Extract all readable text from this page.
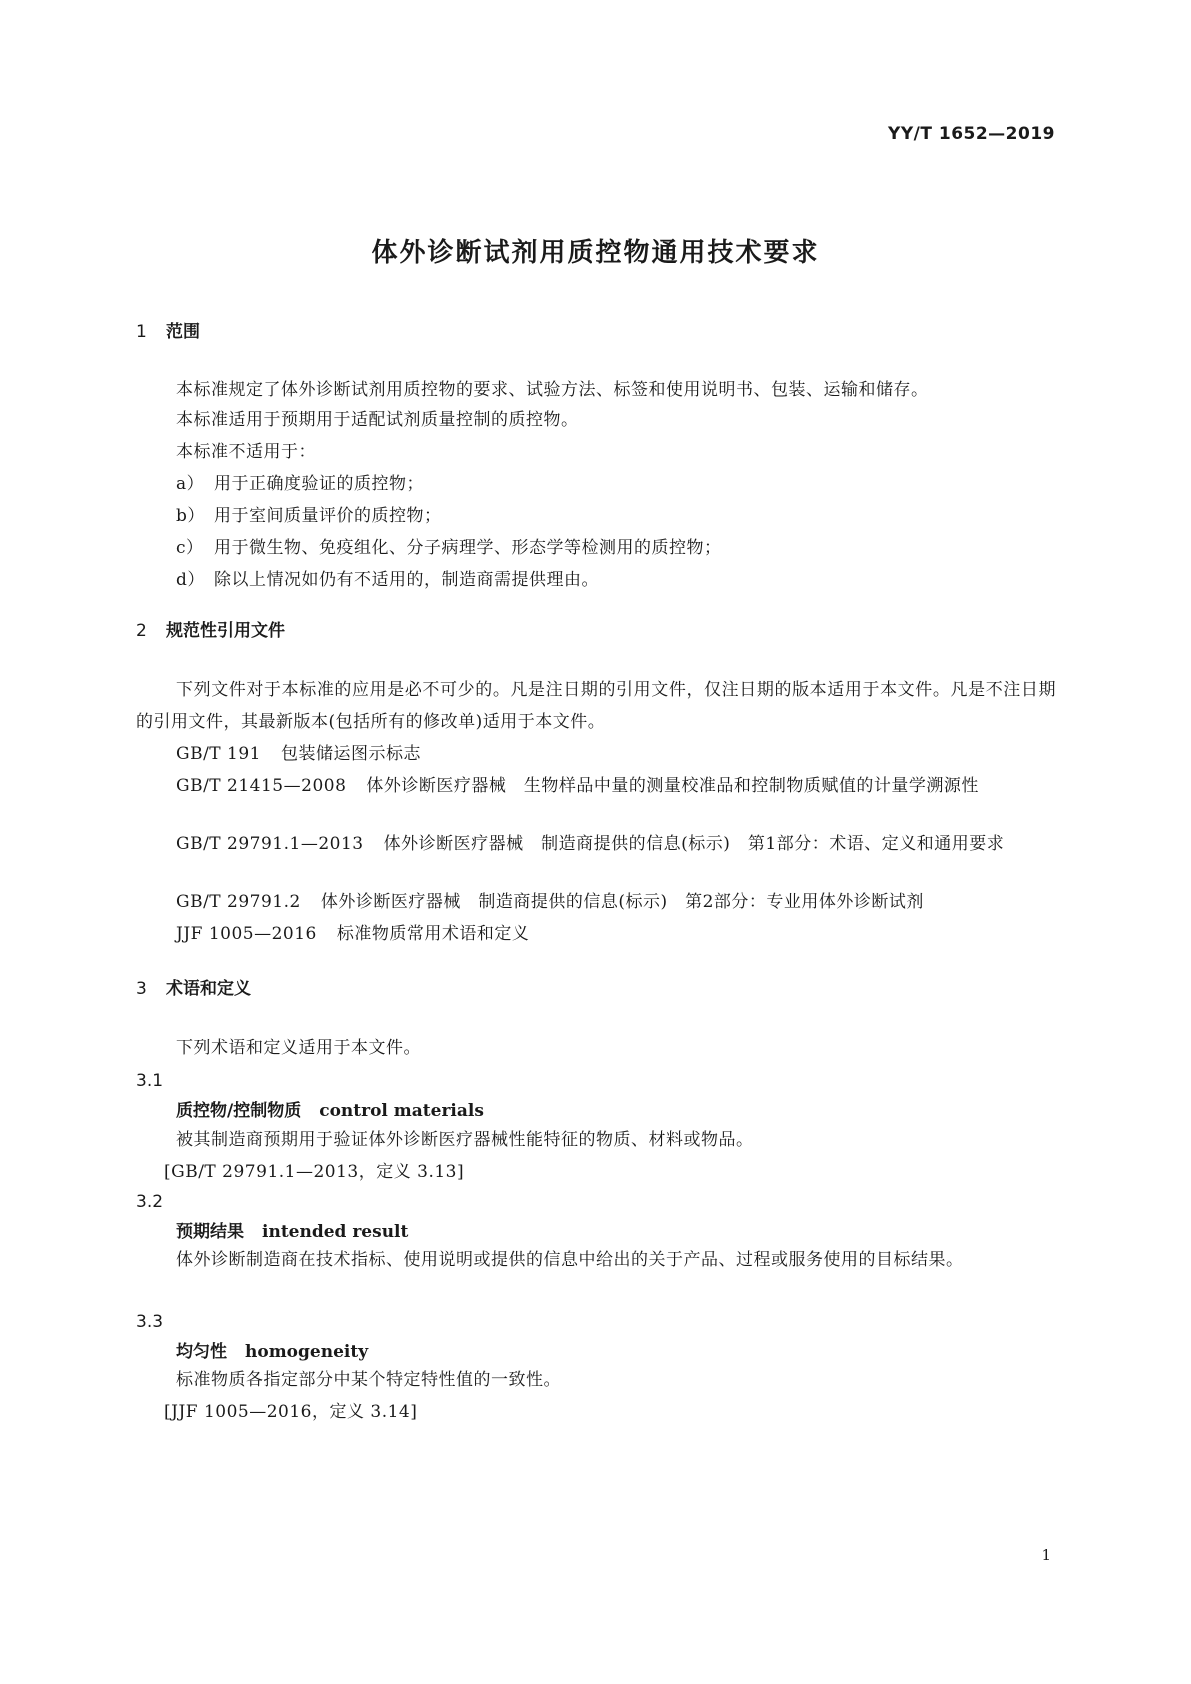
YY/T 1652—2019
体外诊断试剂用质控物通用技术要求
1 范围

本标准规定了体外诊断试剂用质控物的要求、试验方法、标签和使用说明书、包装、运输和储存。

本标准适用于预期用于适配试剂质量控制的质控物。

本标准不适用于：

a） 用于正确度验证的质控物；
b） 用于室间质量评价的质控物；
c） 用于微生物、免疫组化、分子病理学、形态学等检测用的质控物；
d） 除以上情况如仍有不适用的，制造商需提供理由。
2 规范性引用文件

下列文件对于本标准的应用是必不可少的。凡是注日期的引用文件，仅注日期的版本适用于本文件。凡是不注日期的引用文件，其最新版本(包括所有的修改单)适用于本文件。

GB/T 191 包装储运图示标志

GB/T 21415—2008 体外诊断医疗器械　生物样品中量的测量校准品和控制物质赋值的计量学溯源性

GB/T 29791.1—2013 体外诊断医疗器械　制造商提供的信息(标示)　第1部分：术语、定义和通用要求

GB/T 29791.2 体外诊断医疗器械　制造商提供的信息(标示)　第2部分：专业用体外诊断试剂

JJF 1005—2016 标准物质常用术语和定义

3 术语和定义

下列术语和定义适用于本文件。

3.1
质控物/控制物质 control materials

被其制造商预期用于验证体外诊断医疗器械性能特征的物质、材料或物品。

[GB/T 29791.1—2013，定义 3.13]

3.2
预期结果 intended result

体外诊断制造商在技术指标、使用说明或提供的信息中给出的关于产品、过程或服务使用的目标结果。

3.3
均匀性 homogeneity

标准物质各指定部分中某个特定特性值的一致性。

[JJF 1005—2016，定义 3.14]

1
